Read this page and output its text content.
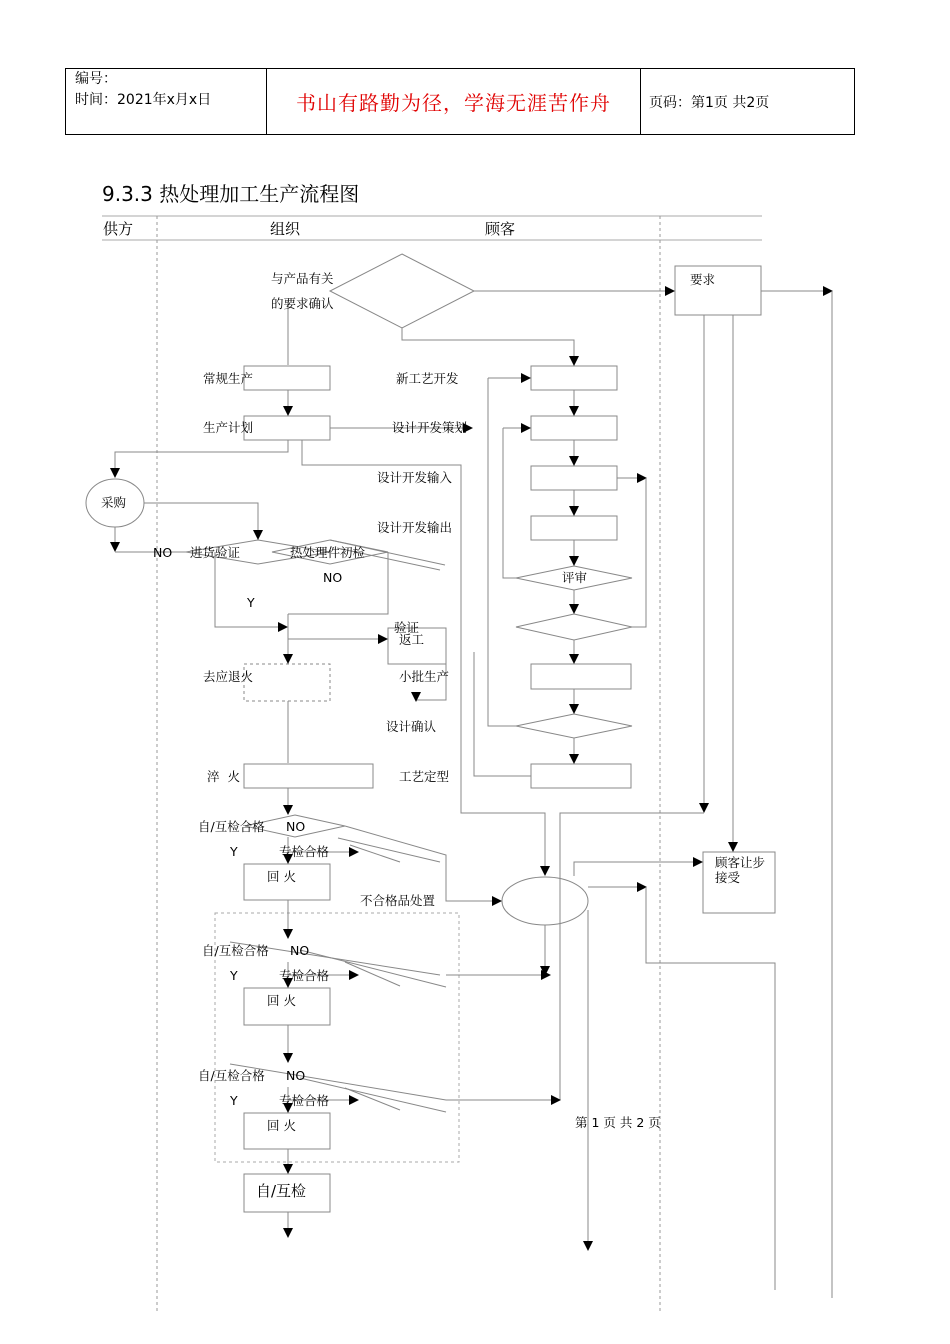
编号：
时间：2021年x月x日	书山有路勤为径，学海无涯苦作舟	页码：第1页 共2页
9.3.3 热处理加工生产流程图
供方	组织	顾客
与产品有关
的要求确认
要求
常规生产	新工艺开发
生产计划	设计开发策划
设计开发输入
采购
设计开发输出
NO 进货验证	热处理件初检
评审
NO
Y
验证
返工
去应退火	小批生产
设计确认
淬  火	工艺定型
自/互检合格 NO
Y	专检合格
回 火
顾客让步
接受
不合格品处置
自/互检合格 NO
Y	专检合格
回 火
自/互检合格 NO
Y	专检合格
第 1 页 共 2 页
回 火
自/互检
